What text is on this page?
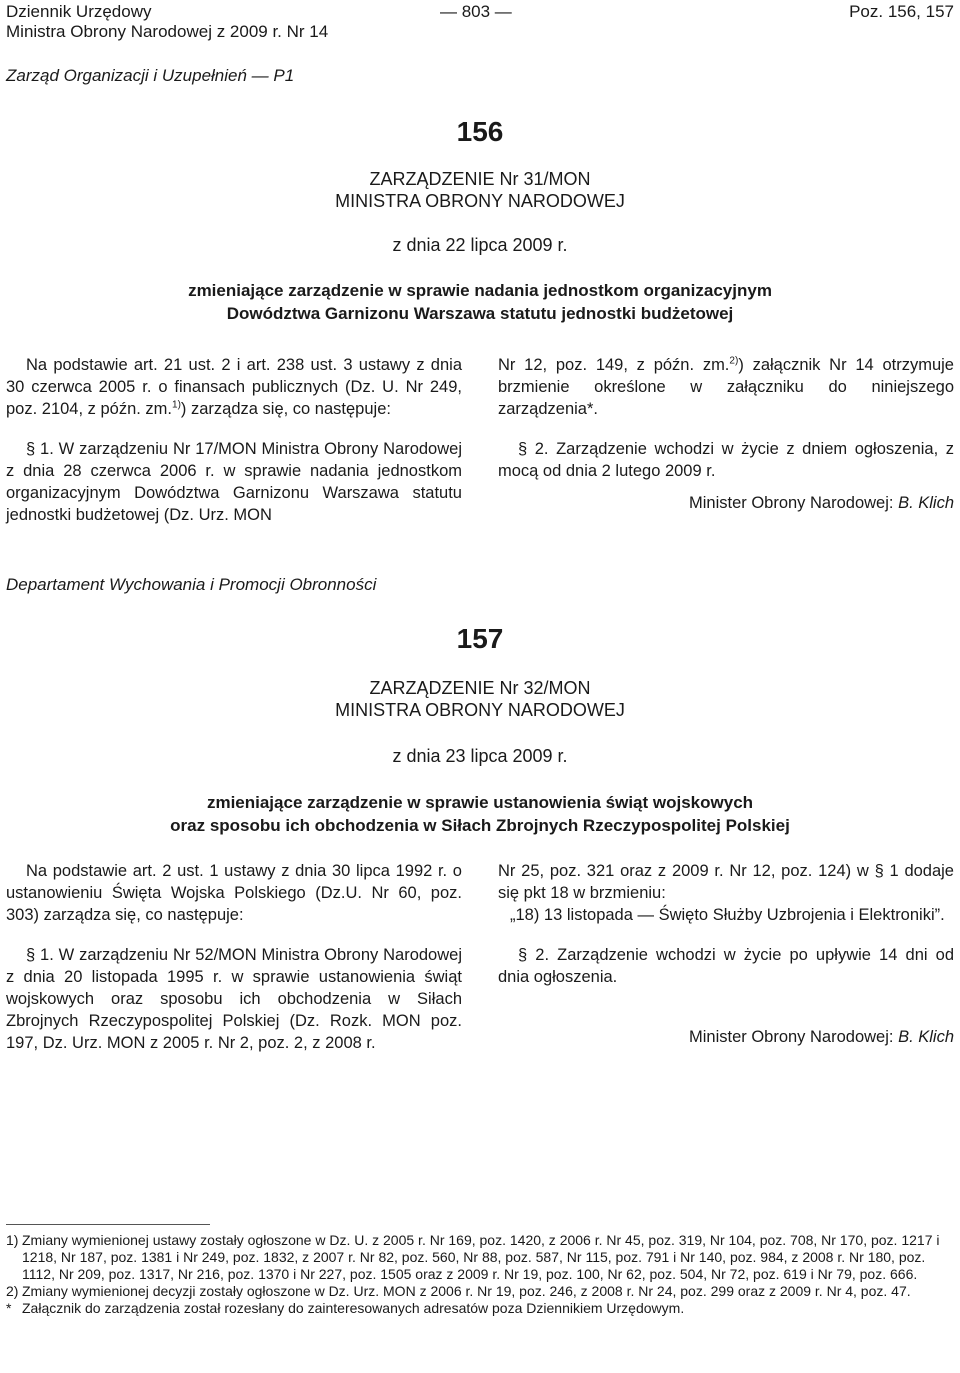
Dziennik Urzędowy
Ministra Obrony Narodowej z 2009 r. Nr 14
— 803 —	Poz. 156, 157
Zarząd Organizacji i Uzupełnień — P1
156
ZARZĄDZENIE Nr 31/MON
MINISTRA OBRONY NARODOWEJ
z dnia 22 lipca 2009 r.
zmieniające zarządzenie w sprawie nadania jednostkom organizacyjnym
Dowództwa Garnizonu Warszawa statutu jednostki budżetowej

Na podstawie art. 21 ust. 2 i art. 238 ust. 3 ustawy z dnia 30 czerwca 2005 r. o finansach publicznych (Dz. U. Nr 249, poz. 2104, z późn. zm.$^{1)}$) zarządza się, co następuje:

§ 1. W zarządzeniu Nr 17/MON Ministra Obrony Narodowej z dnia 28 czerwca 2006 r. w sprawie nadania jednostkom organizacyjnym Dowództwa Garnizonu Warszawa statutu jednostki budżetowej (Dz. Urz. MON

Nr 12, poz. 149, z późn. zm.$^{2)}$) załącznik Nr 14 otrzymuje brzmienie określone w załączniku do niniejszego zarządzenia*.

§ 2. Zarządzenie wchodzi w życie z dniem ogłoszenia, z mocą od dnia 2 lutego 2009 r.

Minister Obrony Narodowej: B. Klich

Departament Wychowania i Promocji Obronności
157
ZARZĄDZENIE Nr 32/MON
MINISTRA OBRONY NARODOWEJ
z dnia 23 lipca 2009 r.
zmieniające zarządzenie w sprawie ustanowienia świąt wojskowych
oraz sposobu ich obchodzenia w Siłach Zbrojnych Rzeczypospolitej Polskiej

Na podstawie art. 2 ust. 1 ustawy z dnia 30 lipca 1992 r. o ustanowieniu Święta Wojska Polskiego (Dz.U. Nr 60, poz. 303) zarządza się, co następuje:

§ 1. W zarządzeniu Nr 52/MON Ministra Obrony Narodowej z dnia 20 listopada 1995 r. w sprawie ustanowienia świąt wojskowych oraz sposobu ich obchodzenia w Siłach Zbrojnych Rzeczypospolitej Polskiej (Dz. Rozk. MON poz. 197, Dz. Urz. MON z 2005 r. Nr 2, poz. 2, z 2008 r.

Nr 25, poz. 321 oraz z 2009 r. Nr 12, poz. 124) w § 1 dodaje się pkt 18 w brzmieniu:

„18) 13 listopada — Święto Służby Uzbrojenia i Elektroniki”.

§ 2. Zarządzenie wchodzi w życie po upływie 14 dni od dnia ogłoszenia.

Minister Obrony Narodowej: B. Klich

1) Zmiany wymienionej ustawy zostały ogłoszone w Dz. U. z 2005 r. Nr 169, poz. 1420, z 2006 r. Nr 45, poz. 319, Nr 104, poz. 708, Nr 170, poz. 1217 i 1218, Nr 187, poz. 1381 i Nr 249, poz. 1832, z 2007 r. Nr 82, poz. 560, Nr 88, poz. 587, Nr 115, poz. 791 i Nr 140, poz. 984, z 2008 r. Nr 180, poz. 1112, Nr 209, poz. 1317, Nr 216, poz. 1370 i Nr 227, poz. 1505 oraz z 2009 r. Nr 19, poz. 100, Nr 62, poz. 504, Nr 72, poz. 619 i Nr 79, poz. 666.
2) Zmiany wymienionej decyzji zostały ogłoszone w Dz. Urz. MON z 2006 r. Nr 19, poz. 246, z 2008 r. Nr 24, poz. 299 oraz z 2009 r. Nr 4, poz. 47.
* Załącznik do zarządzenia został rozesłany do zainteresowanych adresatów poza Dziennikiem Urzędowym.
